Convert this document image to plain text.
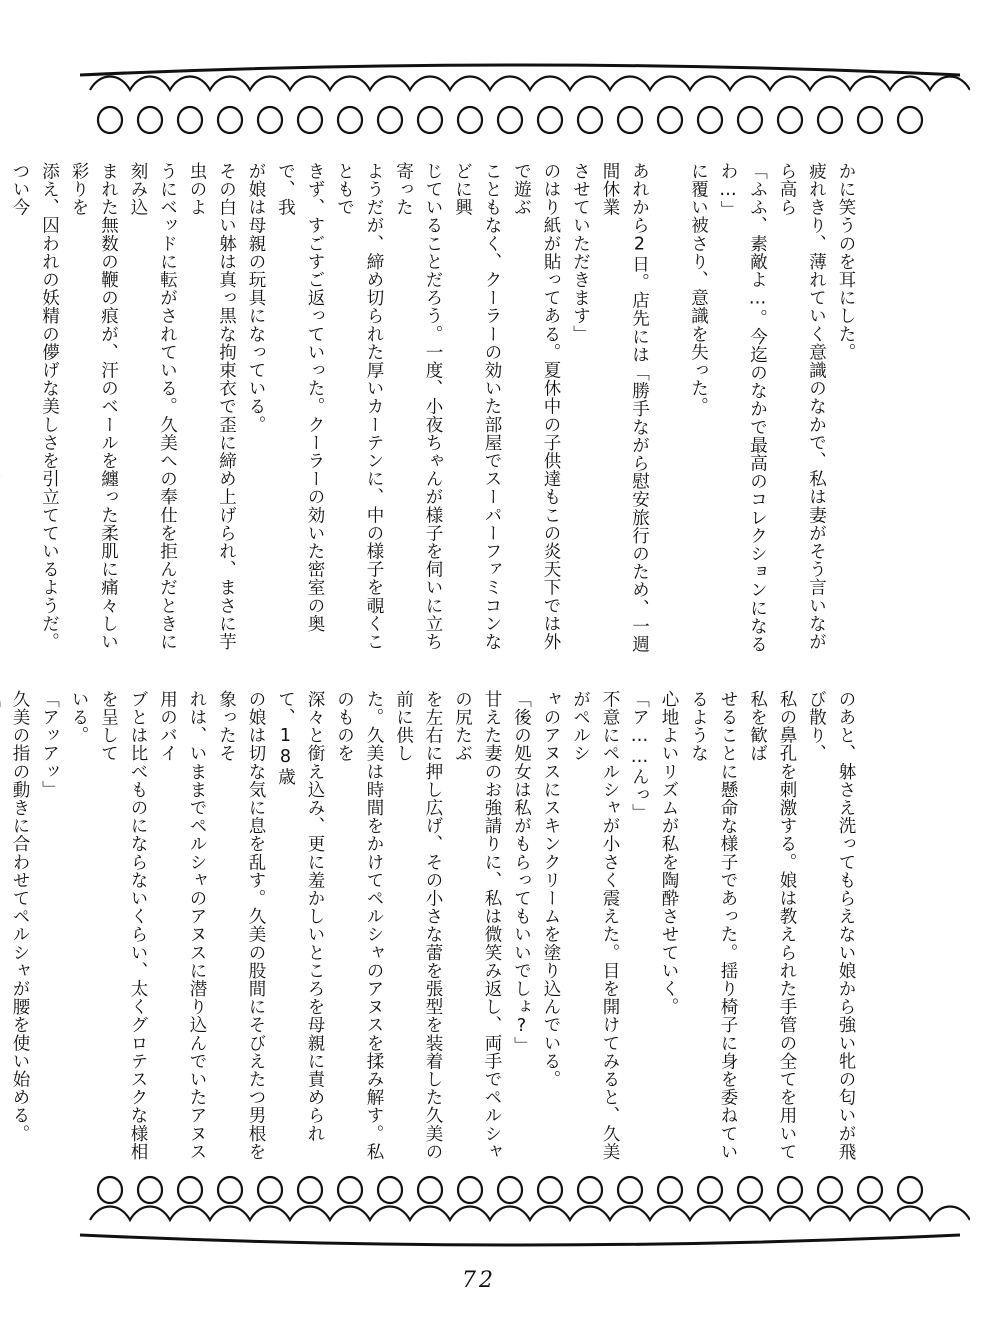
かに笑うのを耳にした。

疲れきり、薄れていく意識のなかで、私は妻がそう言いながら高ら

「ふふ、素敵よ…。今迄のなかで最高のコレクションになるわ…」

に覆い被さり、意識を失った。

あれから2日。店先には「勝手ながら慰安旅行のため、一週間休業

させていただきます」

のはり紙が貼ってある。夏休中の子供達もこの炎天下では外で遊ぶ

こともなく、クーラーの効いた部屋でスーパーファミコンなどに興

じていることだろう。一度、小夜ちゃんが様子を伺いに立ち寄った

ようだが、締め切られた厚いカーテンに、中の様子を覗くこともで

きず、すごすご返っていった。クーラーの効いた密室の奥で、我

が娘は母親の玩具になっている。

その白い躰は真っ黒な拘束衣で歪に締め上げられ、まさに芋虫のよ

うにベッドに転がされている。久美への奉仕を拒んだときに刻み込

まれた無数の鞭の痕が、汗のベールを纏った柔肌に痛々しい彩りを

添え、囚われの妖精の儚げな美しさを引立てているようだ。つい今

のあと、躰さえ洗ってもらえない娘から強い牝の匂いが飛び散り、

私の鼻孔を刺激する。娘は教えられた手管の全てを用いて私を歓ば

せることに懸命な様子であった。揺り椅子に身を委ねているような

心地よいリズムが私を陶酔させていく。

「ア……んっ」

不意にペルシャが小さく震えた。目を開けてみると、久美がペルシ

ャのアヌスにスキンクリームを塗り込んでいる。

「後の処女は私がもらってもいいでしょ?」

甘えた妻のお強請りに、私は微笑み返し、両手でペルシャの尻たぶ

を左右に押し広げ、その小さな蕾を張型を装着した久美の前に供し

た。久美は時間をかけてペルシャのアヌスを揉み解す。私のものを

深々と銜え込み、更に羞かしいところを母親に責められて、18歳

の娘は切な気に息を乱す。久美の股間にそびえたつ男根を象ったそ

れは、いままでペルシャのアヌスに潜り込んでいたアヌス用のバイ

ブとは比べものにならないくらい、太くグロテスクな様相を呈して

いる。

「アッアッ」

久美の指の動きに合わせてペルシャが腰を使い始める。

72
